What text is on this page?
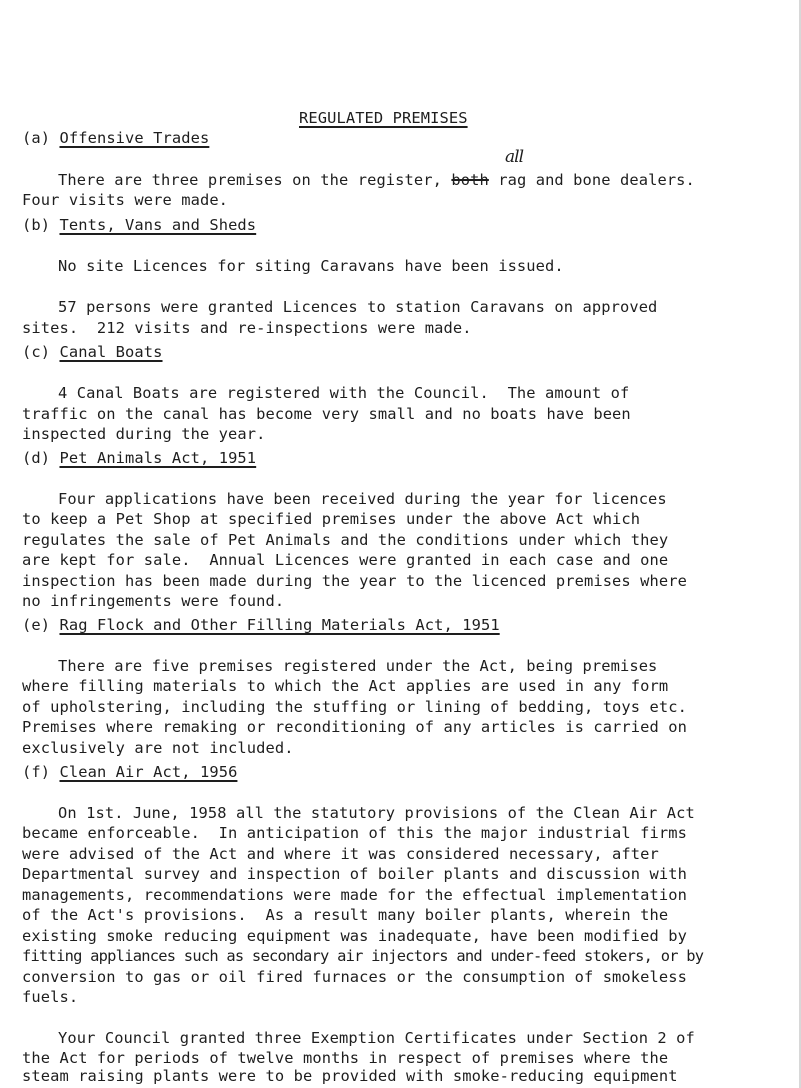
REGULATED PREMISES
(a) Offensive Trades
all
There are three premises on the register, both rag and bone dealers.
Four visits were made.
(b) Tents, Vans and Sheds
No site Licences for siting Caravans have been issued.
57 persons were granted Licences to station Caravans on approved
sites.  212 visits and re-inspections were made.
(c) Canal Boats
4 Canal Boats are registered with the Council.  The amount of
traffic on the canal has become very small and no boats have been
inspected during the year.
(d) Pet Animals Act, 1951
Four applications have been received during the year for licences
to keep a Pet Shop at specified premises under the above Act which
regulates the sale of Pet Animals and the conditions under which they
are kept for sale.  Annual Licences were granted in each case and one
inspection has been made during the year to the licenced premises where
no infringements were found.
(e) Rag Flock and Other Filling Materials Act, 1951
There are five premises registered under the Act, being premises
where filling materials to which the Act applies are used in any form
of upholstering, including the stuffing or lining of bedding, toys etc.
Premises where remaking or reconditioning of any articles is carried on
exclusively are not included.
(f) Clean Air Act, 1956
On 1st. June, 1958 all the statutory provisions of the Clean Air Act
became enforceable.  In anticipation of this the major industrial firms
were advised of the Act and where it was considered necessary, after
Departmental survey and inspection of boiler plants and discussion with
managements, recommendations were made for the effectual implementation
of the Act's provisions.  As a result many boiler plants, wherein the
existing smoke reducing equipment was inadequate, have been modified by
fitting appliances such as secondary air injectors and under-feed stokers, or by
conversion to gas or oil fired furnaces or the consumption of smokeless
fuels.
Your Council granted three Exemption Certificates under Section 2 of
the Act for periods of twelve months in respect of premises where the
steam raising plants were to be provided with smoke-reducing equipment
